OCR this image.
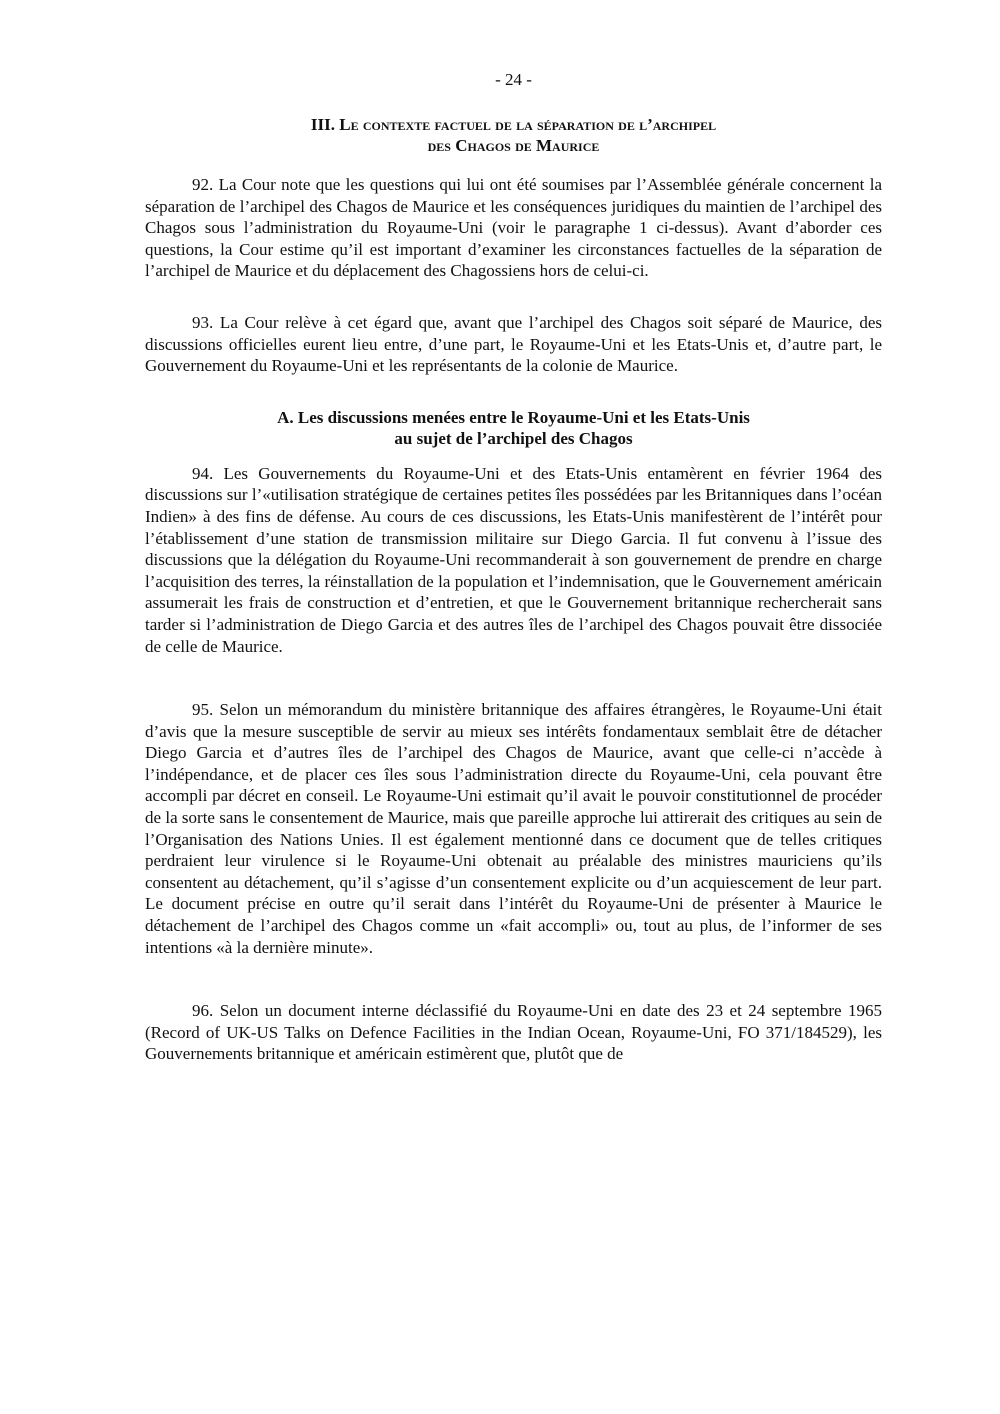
- 24 -
III. Le contexte factuel de la séparation de l’archipel
des Chagos de Maurice

92. La Cour note que les questions qui lui ont été soumises par l’Assemblée générale concernent la séparation de l’archipel des Chagos de Maurice et les conséquences juridiques du maintien de l’archipel des Chagos sous l’administration du Royaume-Uni (voir le paragraphe 1 ci-dessus). Avant d’aborder ces questions, la Cour estime qu’il est important d’examiner les circonstances factuelles de la séparation de l’archipel de Maurice et du déplacement des Chagossiens hors de celui-ci.

93. La Cour relève à cet égard que, avant que l’archipel des Chagos soit séparé de Maurice, des discussions officielles eurent lieu entre, d’une part, le Royaume-Uni et les Etats-Unis et, d’autre part, le Gouvernement du Royaume-Uni et les représentants de la colonie de Maurice.

A. Les discussions menées entre le Royaume-Uni et les Etats-Unis
au sujet de l’archipel des Chagos

94. Les Gouvernements du Royaume-Uni et des Etats-Unis entamèrent en février 1964 des discussions sur l’«utilisation stratégique de certaines petites îles possédées par les Britanniques dans l’océan Indien» à des fins de défense. Au cours de ces discussions, les Etats-Unis manifestèrent de l’intérêt pour l’établissement d’une station de transmission militaire sur Diego Garcia. Il fut convenu à l’issue des discussions que la délégation du Royaume-Uni recommanderait à son gouvernement de prendre en charge l’acquisition des terres, la réinstallation de la population et l’indemnisation, que le Gouvernement américain assumerait les frais de construction et d’entretien, et que le Gouvernement britannique rechercherait sans tarder si l’administration de Diego Garcia et des autres îles de l’archipel des Chagos pouvait être dissociée de celle de Maurice.

95. Selon un mémorandum du ministère britannique des affaires étrangères, le Royaume-Uni était d’avis que la mesure susceptible de servir au mieux ses intérêts fondamentaux semblait être de détacher Diego Garcia et d’autres îles de l’archipel des Chagos de Maurice, avant que celle-ci n’accède à l’indépendance, et de placer ces îles sous l’administration directe du Royaume-Uni, cela pouvant être accompli par décret en conseil. Le Royaume-Uni estimait qu’il avait le pouvoir constitutionnel de procéder de la sorte sans le consentement de Maurice, mais que pareille approche lui attirerait des critiques au sein de l’Organisation des Nations Unies. Il est également mentionné dans ce document que de telles critiques perdraient leur virulence si le Royaume-Uni obtenait au préalable des ministres mauriciens qu’ils consentent au détachement, qu’il s’agisse d’un consentement explicite ou d’un acquiescement de leur part. Le document précise en outre qu’il serait dans l’intérêt du Royaume-Uni de présenter à Maurice le détachement de l’archipel des Chagos comme un «fait accompli» ou, tout au plus, de l’informer de ses intentions «à la dernière minute».

96. Selon un document interne déclassifié du Royaume-Uni en date des 23 et 24 septembre 1965 (Record of UK-US Talks on Defence Facilities in the Indian Ocean, Royaume-Uni, FO 371/184529), les Gouvernements britannique et américain estimèrent que, plutôt que de
